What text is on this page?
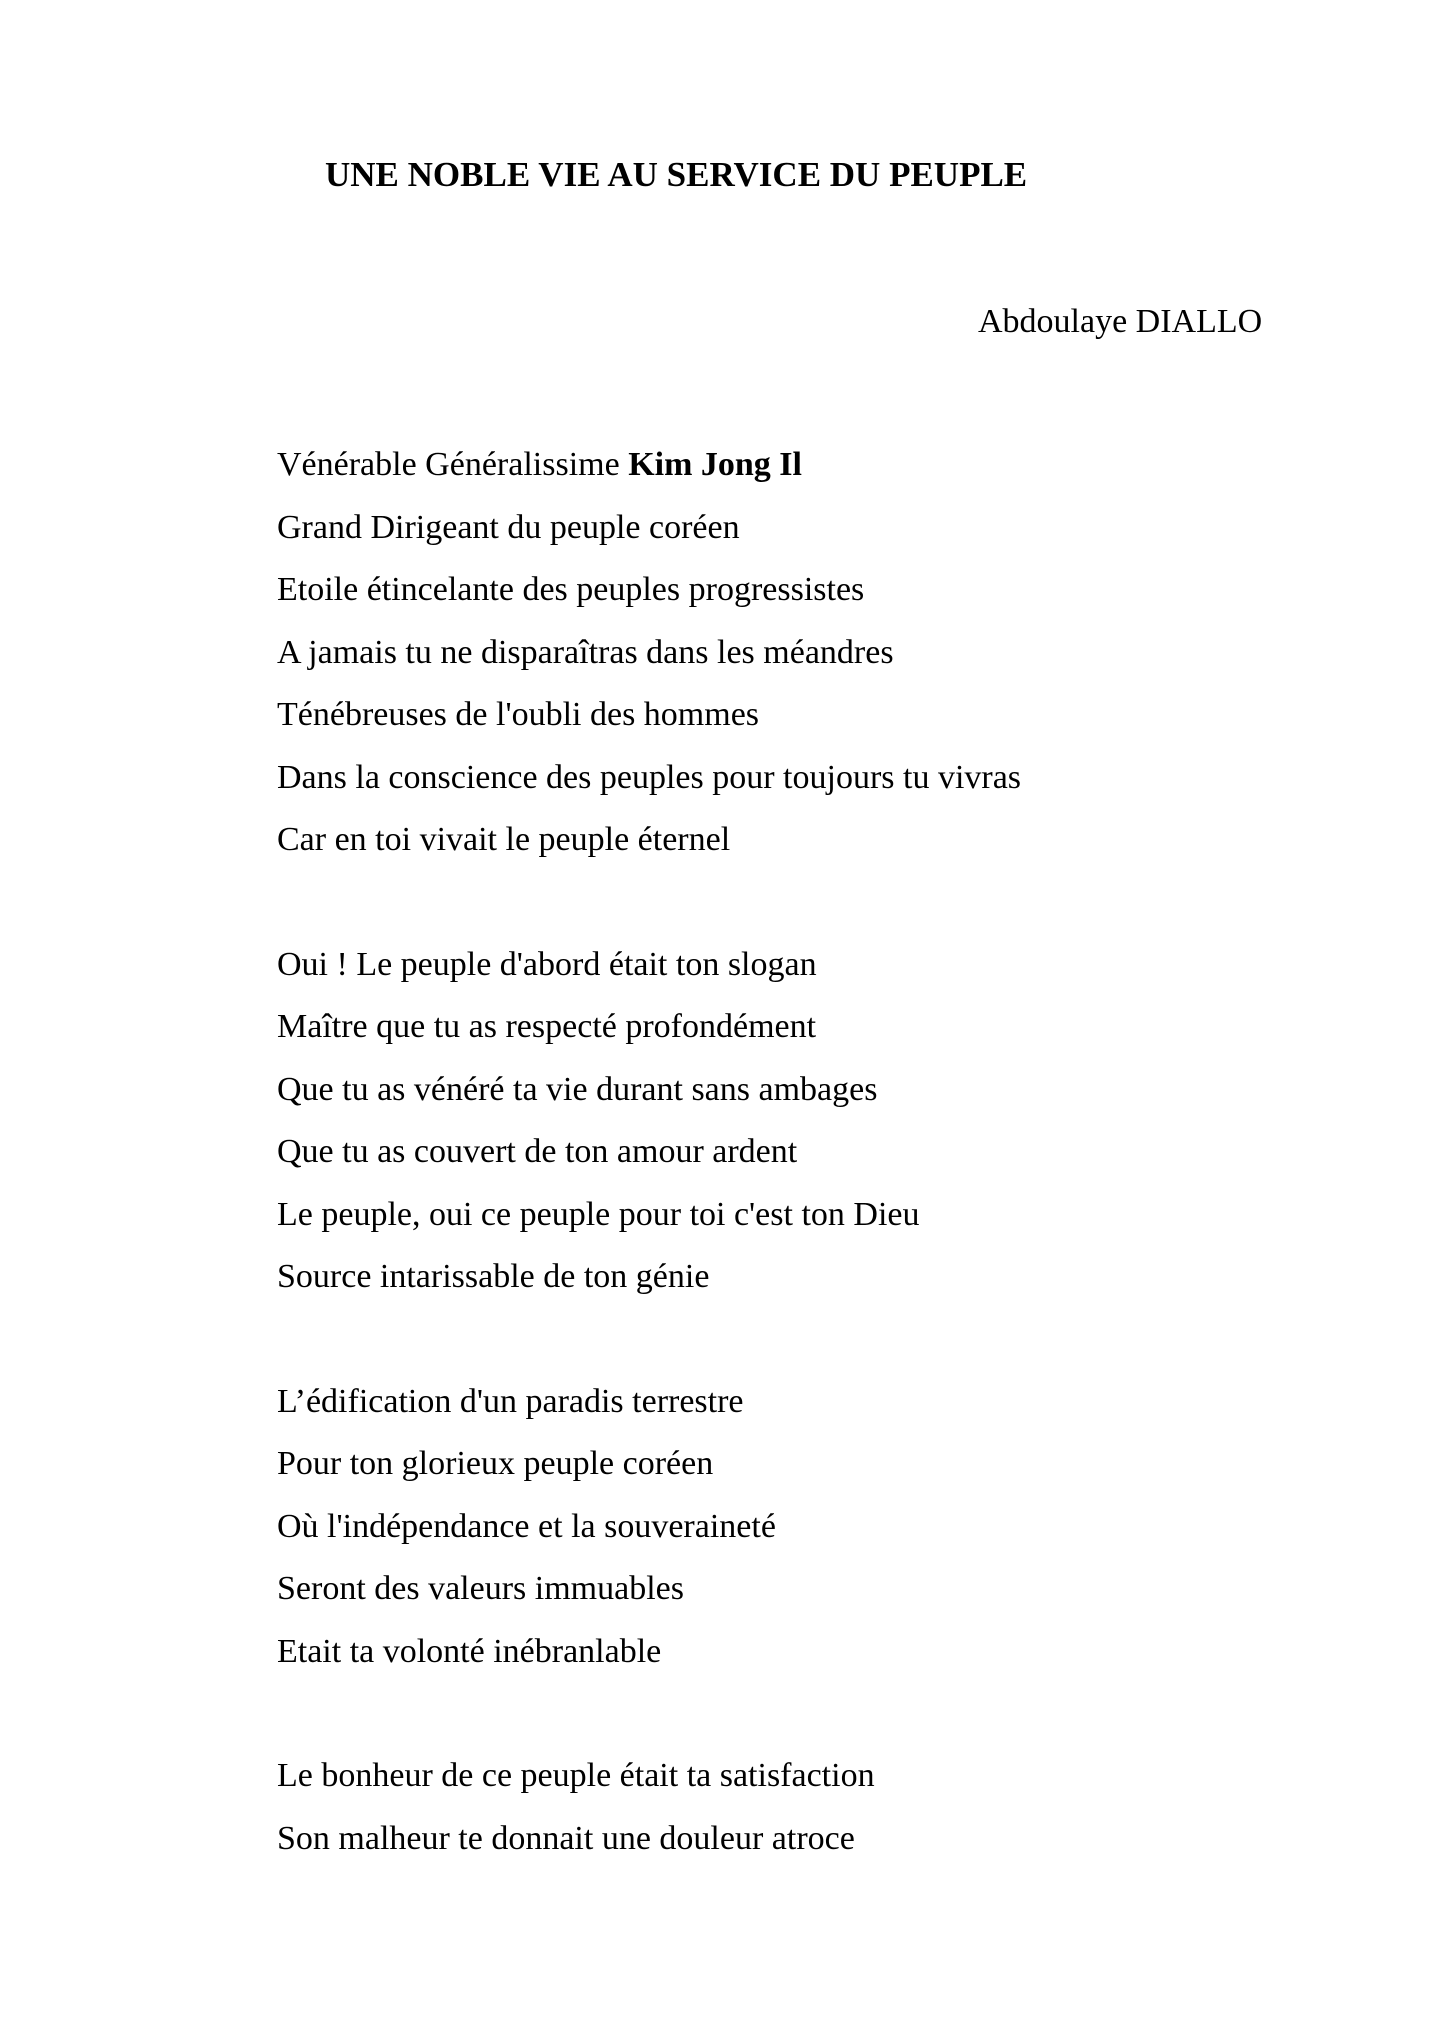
UNE NOBLE VIE AU SERVICE DU PEUPLE

Abdoulaye DIALLO

Vénérable Généralissime Kim Jong Il
Grand Dirigeant du peuple coréen
Etoile étincelante des peuples progressistes
A jamais tu ne disparaîtras dans les méandres
Ténébreuses de l'oubli des hommes
Dans la conscience des peuples pour toujours tu vivras
Car en toi vivait le peuple éternel
Oui ! Le peuple d'abord était ton slogan
Maître que tu as respecté profondément
Que tu as vénéré ta vie durant sans ambages
Que tu as couvert de ton amour ardent
Le peuple, oui ce peuple pour toi c'est ton Dieu
Source intarissable de ton génie
L’édification d'un paradis terrestre
Pour ton glorieux peuple coréen
Où l'indépendance et la souveraineté
Seront des valeurs immuables
Etait ta volonté inébranlable
Le bonheur de ce peuple était ta satisfaction
Son malheur te donnait une douleur atroce
